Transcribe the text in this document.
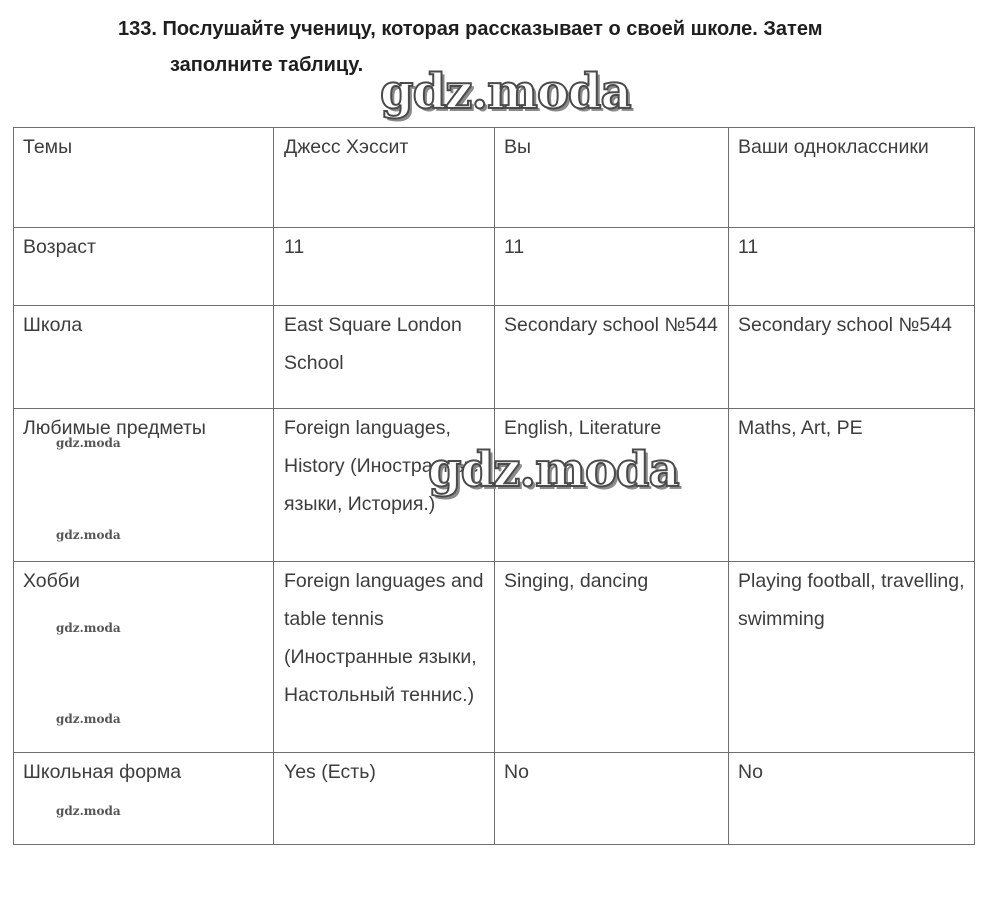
133. Послушайте ученицу, которая рассказывает о своей школе. Затем
заполните таблицу.
Темы	Джесс Хэссит	Вы	Ваши одноклассники
Возраст	11	11	11
Школа	East Square London School	Secondary school №544	Secondary school №544
Любимые предметы	Foreign languages, History (Иностранные языки, История.)	English, Literature	Maths, Art, PE
Хобби	Foreign languages and table tennis (Иностранные языки, Настольный теннис.)	Singing, dancing	Playing football, travelling, swimming
Школьная форма	Yes (Есть)	No	No
gdz.moda
gdz.moda
gdz.moda
gdz.moda
gdz.moda
gdz.moda
gdz.moda
